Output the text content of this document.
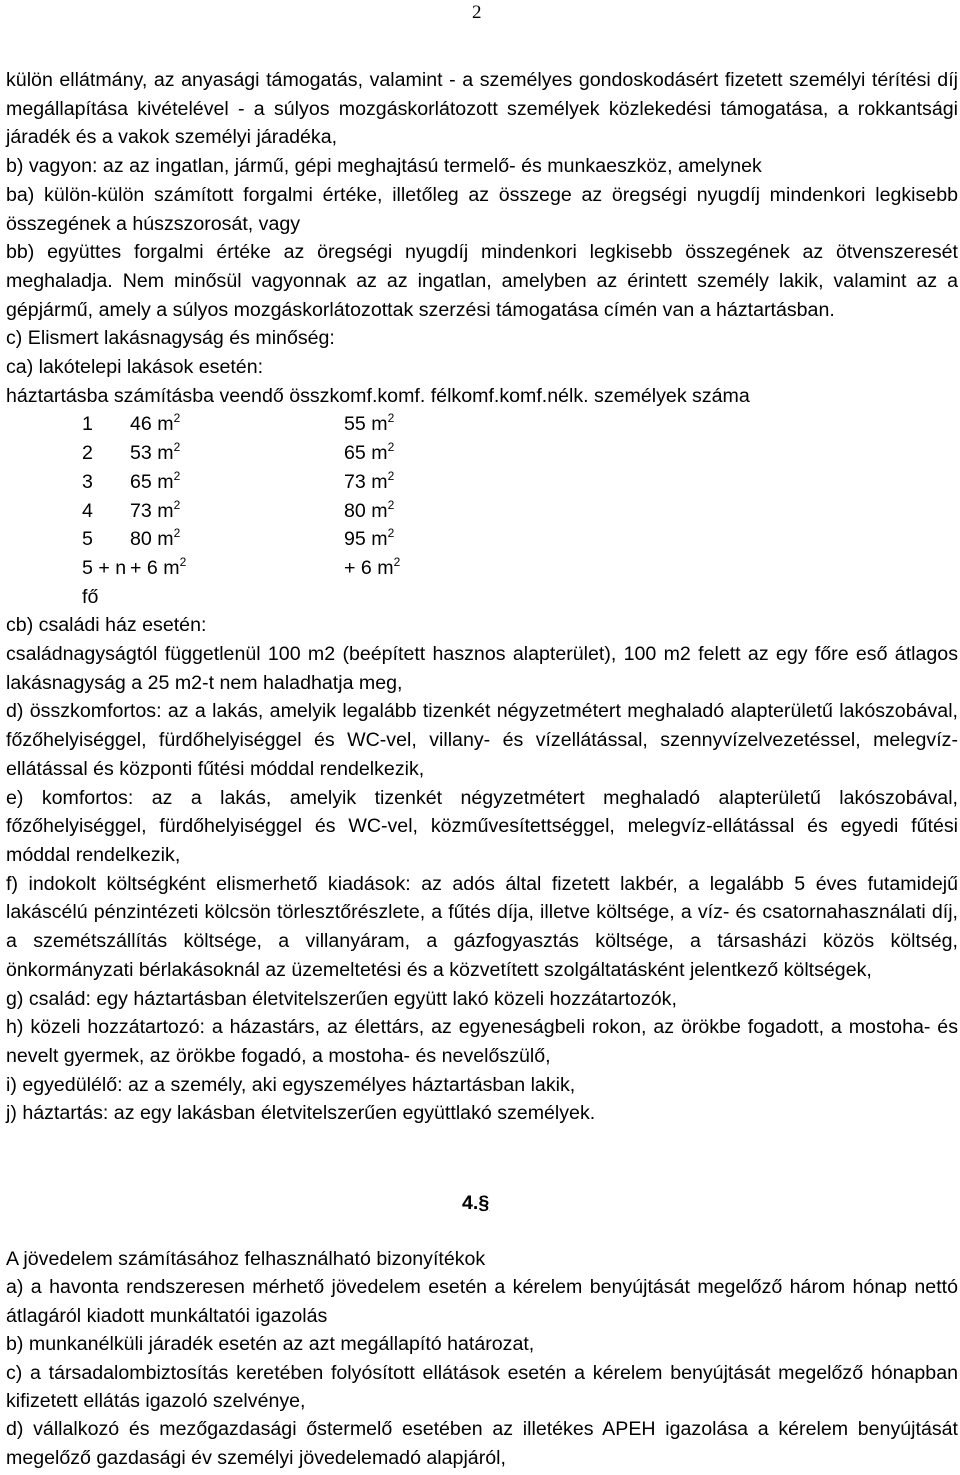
2

külön ellátmány, az anyasági támogatás, valamint - a személyes gondoskodásért fizetett személyi térítési díj megállapítása kivételével - a súlyos mozgáskorlátozott személyek közlekedési támogatása, a rokkantsági járadék és a vakok személyi járadéka,

b) vagyon: az az ingatlan, jármű, gépi meghajtású termelő- és munkaeszköz, amelynek

ba) külön-külön számított forgalmi értéke, illetőleg az összege az öregségi nyugdíj mindenkori legkisebb összegének a húszszorosát, vagy

bb) együttes forgalmi értéke az öregségi nyugdíj mindenkori legkisebb összegének az ötvenszeresét meghaladja. Nem minősül vagyonnak az az ingatlan, amelyben az érintett személy lakik, valamint az a gépjármű, amely a súlyos mozgáskorlátozottak szerzési támogatása címén van a háztartásban.

c) Elismert lakásnagyság és minőség:

ca) lakótelepi lakások esetén:

háztartásba számításba veendő összkomf.komf. félkomf.komf.nélk. személyek száma

1	46 $m^2$	55 $m^2$
2	53 $m^2$	65 $m^2$
3	65 $m^2$	73 $m^2$
4	73 $m^2$	80 $m^2$
5	80 $m^2$	95 $m^2$
5 + n fő	+ 6 $m^2$	+ 6 $m^2$

cb) családi ház esetén:

családnagyságtól függetlenül 100 m2 (beépített hasznos alapterület), 100 m2 felett az egy főre eső átlagos lakásnagyság a 25 m2-t nem haladhatja meg,

d) összkomfortos: az a lakás, amelyik legalább tizenkét négyzetmétert meghaladó alapterületű lakószobával, főzőhelyiséggel, fürdőhelyiséggel és WC-vel, villany- és vízellátással, szennyvízelvezetéssel, melegvíz-ellátással és központi fűtési móddal rendelkezik,

e) komfortos: az a lakás, amelyik tizenkét négyzetmétert meghaladó alapterületű lakószobával, főzőhelyiséggel, fürdőhelyiséggel és WC-vel, közművesítettséggel, melegvíz-ellátással és egyedi fűtési móddal rendelkezik,

f) indokolt költségként elismerhető kiadások: az adós által fizetett lakbér, a legalább 5 éves futamidejű lakáscélú pénzintézeti kölcsön törlesztőrészlete, a fűtés díja, illetve költsége, a víz- és csatornahasználati díj, a szemétszállítás költsége, a villanyáram, a gázfogyasztás költsége, a társasházi közös költség, önkormányzati bérlakásoknál az üzemeltetési és a közvetített szolgáltatásként jelentkező költségek,

g) család: egy háztartásban életvitelszerűen együtt lakó közeli hozzátartozók,

h) közeli hozzátartozó: a házastárs, az élettárs, az egyeneságbeli rokon, az örökbe fogadott, a mostoha- és nevelt gyermek, az örökbe fogadó, a mostoha- és nevelőszülő,

i) egyedülélő: az a személy, aki egyszemélyes háztartásban lakik,

j) háztartás: az egy lakásban életvitelszerűen együttlakó személyek.

4.§

A jövedelem számításához felhasználható bizonyítékok

a) a havonta rendszeresen mérhető jövedelem esetén a kérelem benyújtását megelőző három hónap nettó átlagáról kiadott munkáltatói igazolás

b) munkanélküli járadék esetén az azt megállapító határozat,

c) a társadalombiztosítás keretében folyósított ellátások esetén a kérelem benyújtását megelőző hónapban kifizetett ellátás igazoló szelvénye,

d) vállalkozó és mezőgazdasági őstermelő esetében az illetékes APEH igazolása a kérelem benyújtását megelőző gazdasági év személyi jövedelemadó alapjáról,
